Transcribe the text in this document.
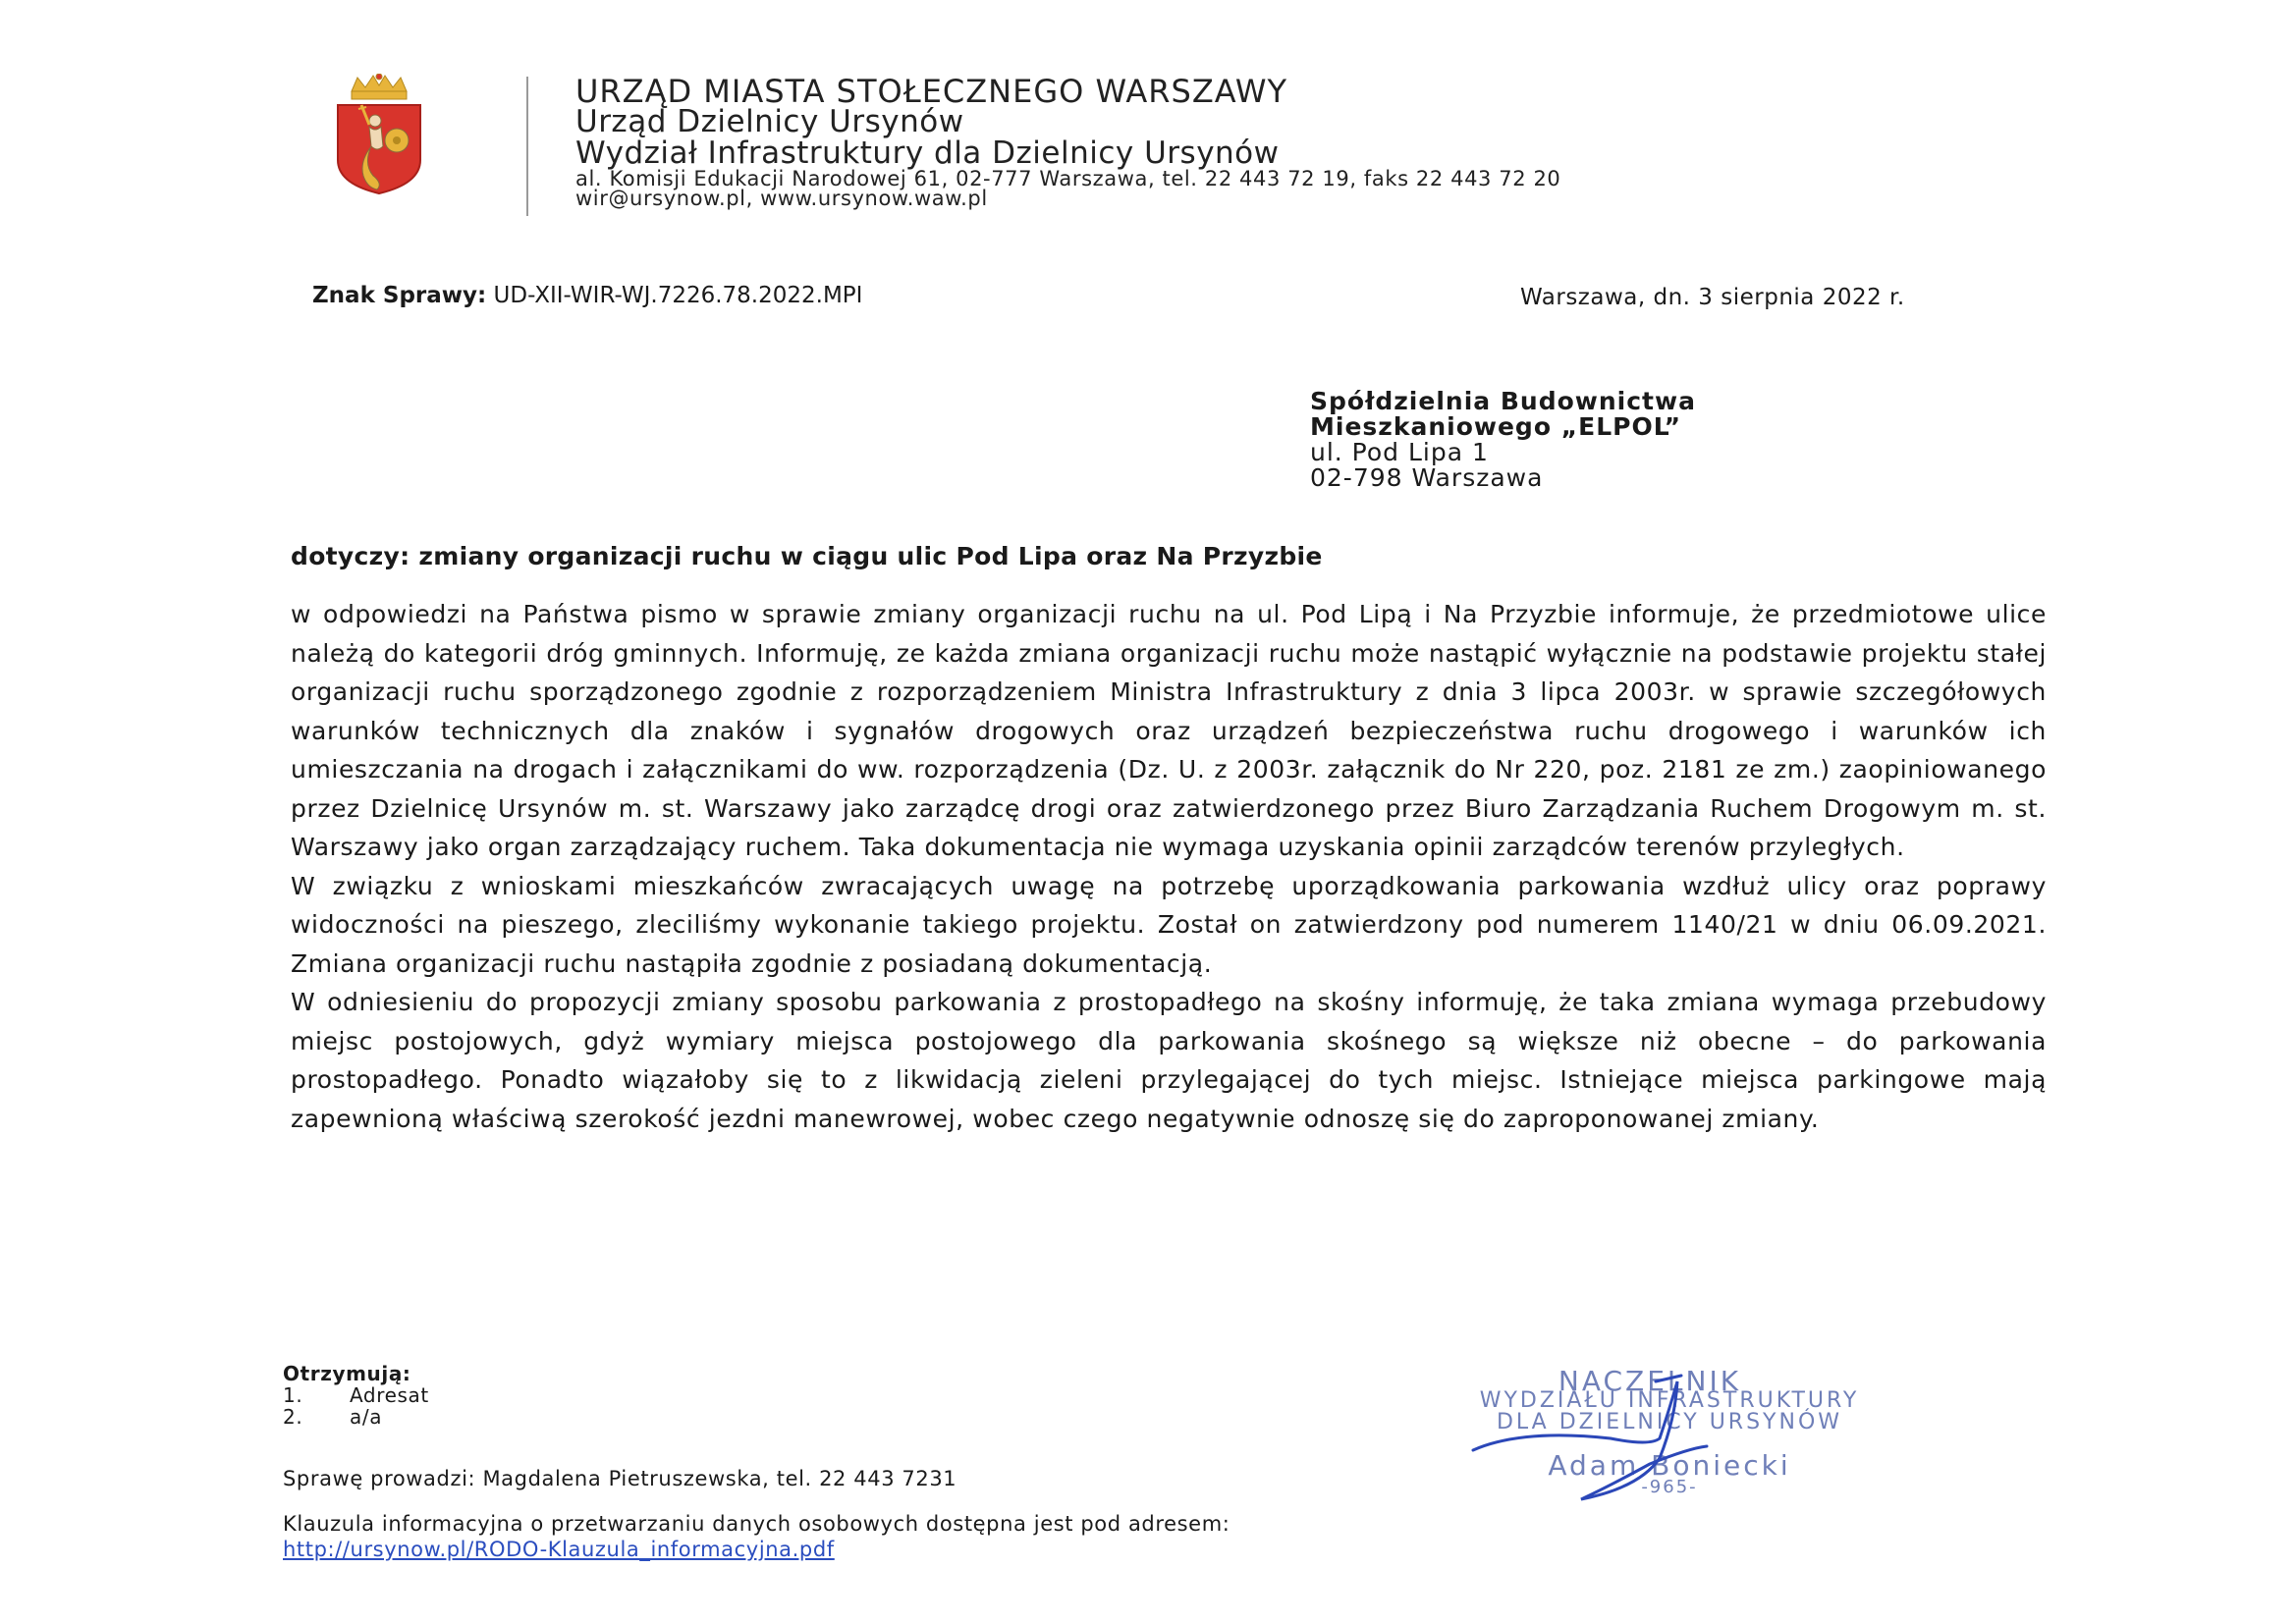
URZĄD MIASTA STOŁECZNEGO WARSZAWY
Urząd Dzielnicy Ursynów
Wydział Infrastruktury dla Dzielnicy Ursynów
al. Komisji Edukacji Narodowej 61, 02-777 Warszawa, tel. 22 443 72 19, faks 22 443 72 20
wir@ursynow.pl, www.ursynow.waw.pl
Znak Sprawy: UD-XII-WIR-WJ.7226.78.2022.MPI	Warszawa, dn. 3 sierpnia 2022 r.
Spółdzielnia Budownictwa
Mieszkaniowego „ELPOL”
ul. Pod Lipa 1
02-798 Warszawa
dotyczy: zmiany organizacji ruchu w ciągu ulic Pod Lipa oraz Na Przyzbie

w odpowiedzi na Państwa pismo w sprawie zmiany organizacji ruchu na ul. Pod Lipą i Na Przyzbie informuje, że przedmiotowe ulice należą do kategorii dróg gminnych. Informuję, ze każda zmiana organizacji ruchu może nastąpić wyłącznie na podstawie projektu stałej organizacji ruchu sporządzonego zgodnie z rozporządzeniem Ministra Infrastruktury z dnia 3 lipca 2003r. w sprawie szczegółowych warunków technicznych dla znaków i sygnałów drogowych oraz urządzeń bezpieczeństwa ruchu drogowego i warunków ich umieszczania na drogach i załącznikami do ww. rozporządzenia (Dz. U. z 2003r. załącznik do Nr 220, poz. 2181 ze zm.) zaopiniowanego przez Dzielnicę Ursynów m. st. Warszawy jako zarządcę drogi oraz zatwierdzonego przez Biuro Zarządzania Ruchem Drogowym m. st. Warszawy jako organ zarządzający ruchem. Taka dokumentacja nie wymaga uzyskania opinii zarządców terenów przyległych.

W związku z wnioskami mieszkańców zwracających uwagę na potrzebę uporządkowania parkowania wzdłuż ulicy oraz poprawy widoczności na pieszego, zleciliśmy wykonanie takiego projektu. Został on zatwierdzony pod numerem 1140/21 w dniu 06.09.2021. Zmiana organizacji ruchu nastąpiła zgodnie z posiadaną dokumentacją.

W odniesieniu do propozycji zmiany sposobu parkowania z prostopadłego na skośny informuję, że taka zmiana wymaga przebudowy miejsc postojowych, gdyż wymiary miejsca postojowego dla parkowania skośnego są większe niż obecne – do parkowania prostopadłego. Ponadto wiązałoby się to z likwidacją zieleni przylegającej do tych miejsc. Istniejące miejsca parkingowe mają zapewnioną właściwą szerokość jezdni manewrowej, wobec czego negatywnie odnoszę się do zaproponowanej zmiany.

Otrzymują:
1. Adresat
2. a/a
Sprawę prowadzi: Magdalena Pietruszewska, tel. 22 443 7231
Klauzula informacyjna o przetwarzaniu danych osobowych dostępna jest pod adresem:
http://ursynow.pl/RODO-Klauzula_informacyjna.pdf
NACZELNIK
WYDZIAŁU INFRASTRUKTURY
DLA DZIELNICY URSYNÓW
Adam Boniecki
-965-
